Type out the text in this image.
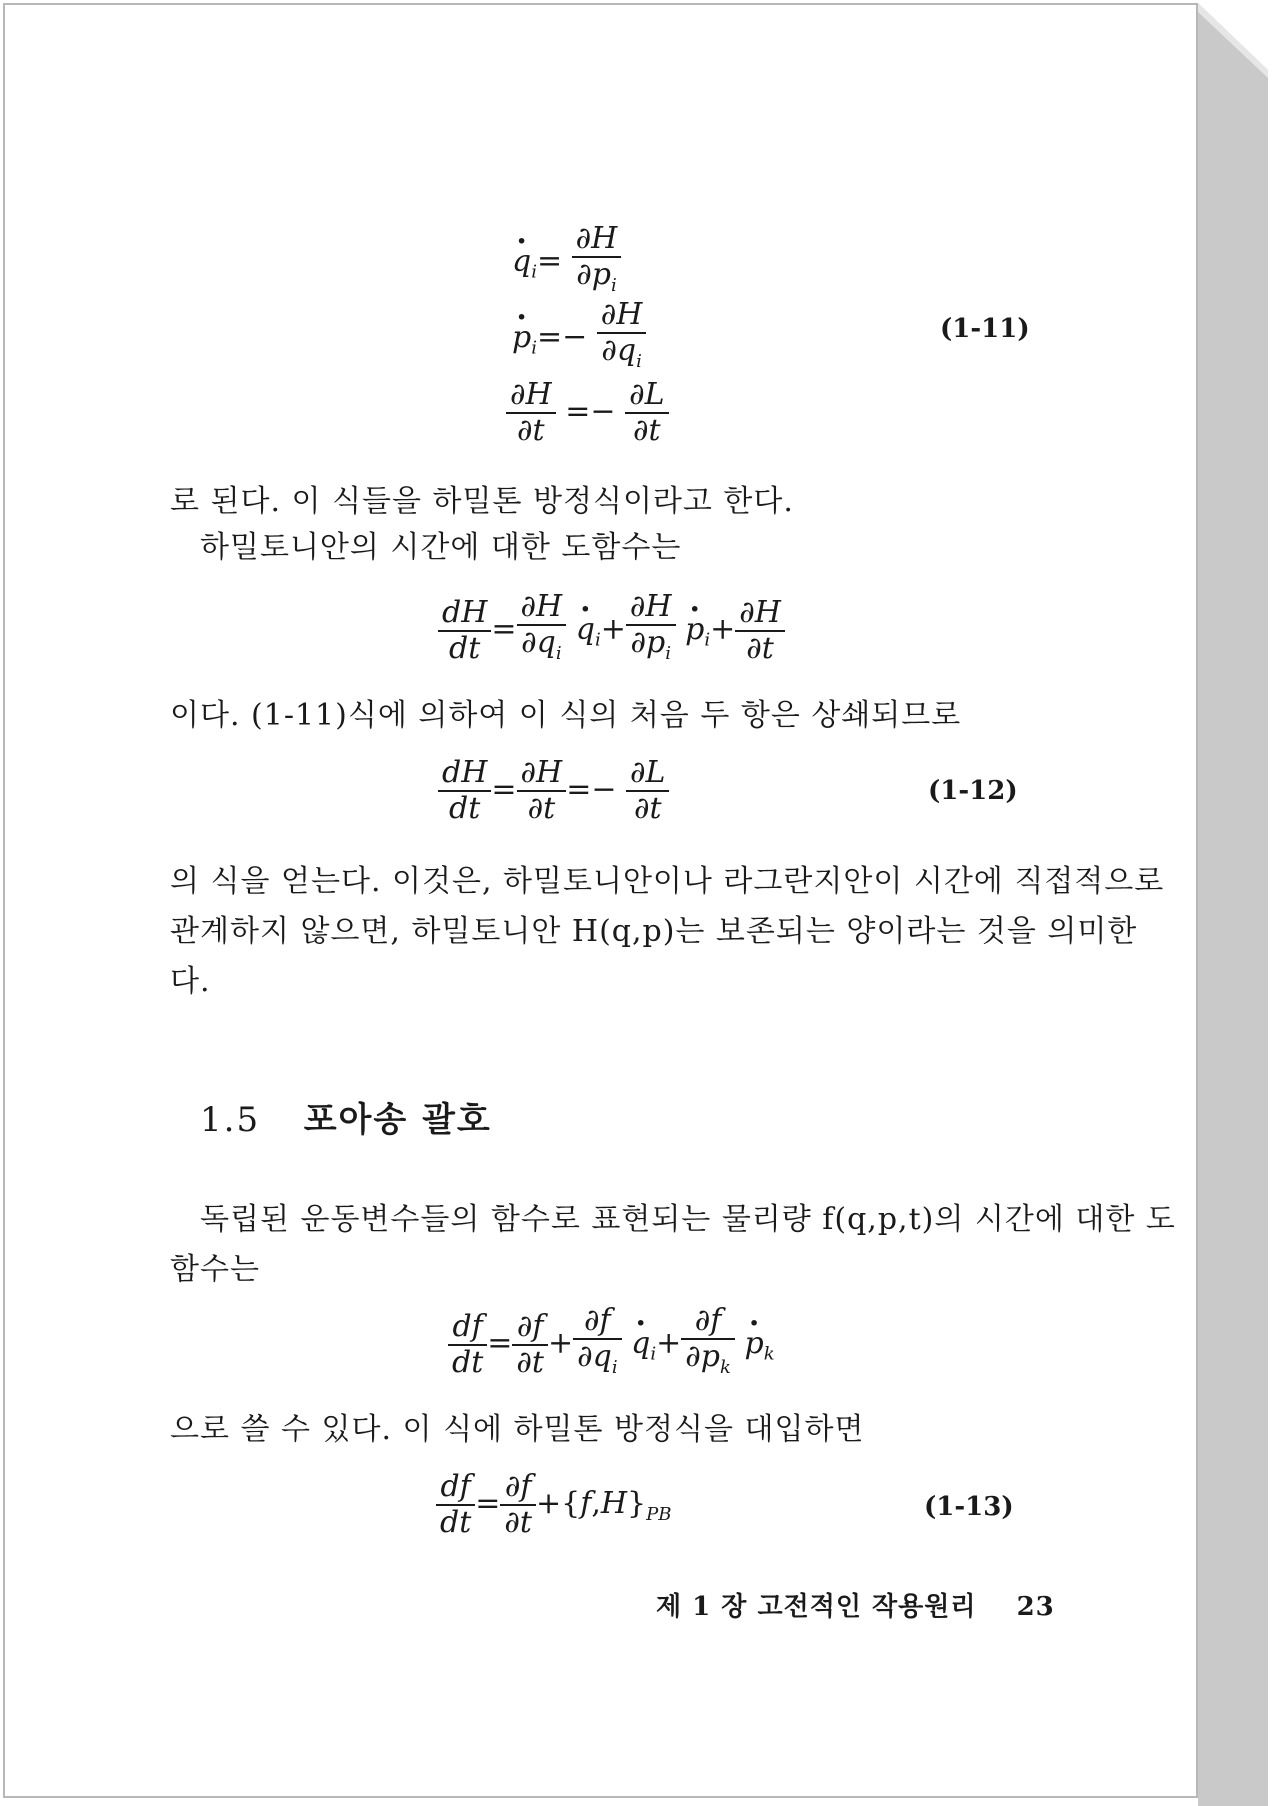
· $q_i= \frac{\partial H}{\partial p_i}$
· $p_i=- \frac{\partial H}{\partial q_i}$
$\frac{\partial H}{\partial t} =- \frac{\partial L}{\partial t}$
(1-11)
로 된다. 이 식들을 하밀톤 방정식이라고 한다.
하밀토니안의 시간에 대한 도함수는
$\frac{dH}{dt} = \frac{\partial H}{\partial q_i}$
· $q_i+ \frac{\partial H}{\partial p_i}$
· $p_i+ \frac{\partial H}{\partial t}$
이다. (1-11)식에 의하여 이 식의 처음 두 항은 상쇄되므로
$\frac{dH}{dt} = \frac{\partial H}{\partial t} =- \frac{\partial L}{\partial t}$	(1-12)
의 식을 얻는다. 이것은, 하밀토니안이나 라그란지안이 시간에 직접적으로
관계하지 않으면, 하밀토니안 H(q,p)는 보존되는 양이라는 것을 의미한
다.
1.5 포아송 괄호
독립된 운동변수들의 함수로 표현되는 물리량 f(q,p,t)의 시간에 대한 도
함수는
$\frac{df}{dt} = \frac{\partial f}{\partial t} + \frac{\partial f}{\partial q_i}$
· $q_i+ \frac{\partial f}{\partial p_k}$
· $p_k$
으로 쓸 수 있다. 이 식에 하밀톤 방정식을 대입하면
$\frac{df}{dt} = \frac{\partial f}{\partial t} +\{f,H\}_{PB}$	(1-13)
제 1 장 고전적인 작용원리 23
